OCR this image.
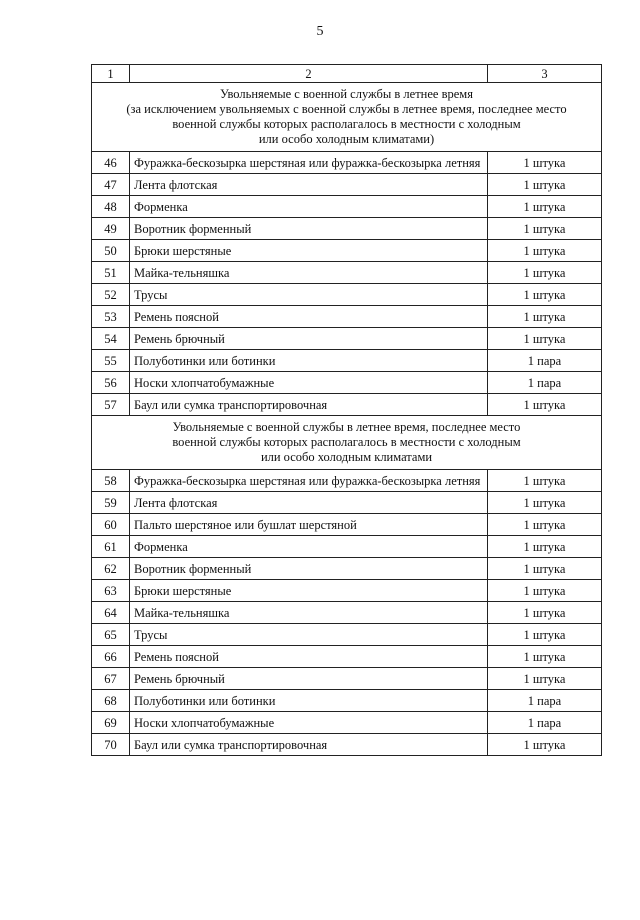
5
1	2	3

Увольняемые с военной службы в летнее время
(за исключением увольняемых с военной службы в летнее время, последнее место
военной службы которых располагалось в местности с холодным
или особо холодным климатами)		

46	Фуражка-бескозырка шерстяная или фуражка-бескозырка летняя	1 штука
47	Лента флотская	1 штука
48	Форменка	1 штука
49	Воротник форменный	1 штука
50	Брюки шерстяные	1 штука
51	Майка-тельняшка	1 штука
52	Трусы	1 штука
53	Ремень поясной	1 штука
54	Ремень брючный	1 штука
55	Полуботинки или ботинки	1 пара
56	Носки хлопчатобумажные	1 пара
57	Баул или сумка транспортировочная	1 штука

Увольняемые с военной службы в летнее время, последнее место
военной службы которых располагалось в местности с холодным
или особо холодным климатами		

58	Фуражка-бескозырка шерстяная или фуражка-бескозырка летняя	1 штука
59	Лента флотская	1 штука
60	Пальто шерстяное или бушлат шерстяной	1 штука
61	Форменка	1 штука
62	Воротник форменный	1 штука
63	Брюки шерстяные	1 штука
64	Майка-тельняшка	1 штука
65	Трусы	1 штука
66	Ремень поясной	1 штука
67	Ремень брючный	1 штука
68	Полуботинки или ботинки	1 пара
69	Носки хлопчатобумажные	1 пара
70	Баул или сумка транспортировочная	1 штука
